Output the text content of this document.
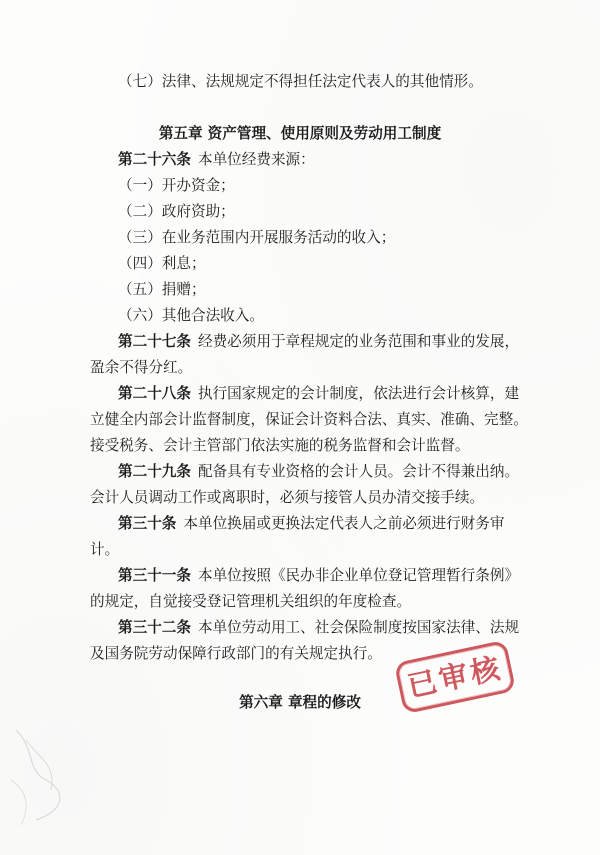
（七）法律、法规规定不得担任法定代表人的其他情形。
第五章 资产管理、使用原则及劳动用工制度
第二十六条 本单位经费来源：
（一）开办资金；
（二）政府资助；
（三）在业务范围内开展服务活动的收入；
（四）利息；
（五）捐赠；
（六）其他合法收入。
第二十七条 经费必须用于章程规定的业务范围和事业的发展，
盈余不得分红。
第二十八条 执行国家规定的会计制度，依法进行会计核算，建
立健全内部会计监督制度，保证会计资料合法、真实、准确、完整。
接受税务、会计主管部门依法实施的税务监督和会计监督。
第二十九条 配备具有专业资格的会计人员。会计不得兼出纳。
会计人员调动工作或离职时，必须与接管人员办清交接手续。
第三十条 本单位换届或更换法定代表人之前必须进行财务审
计。
第三十一条 本单位按照《民办非企业单位登记管理暂行条例》
的规定，自觉接受登记管理机关组织的年度检查。
第三十二条 本单位劳动用工、社会保险制度按国家法律、法规
及国务院劳动保障行政部门的有关规定执行。
第六章 章程的修改	已审核
